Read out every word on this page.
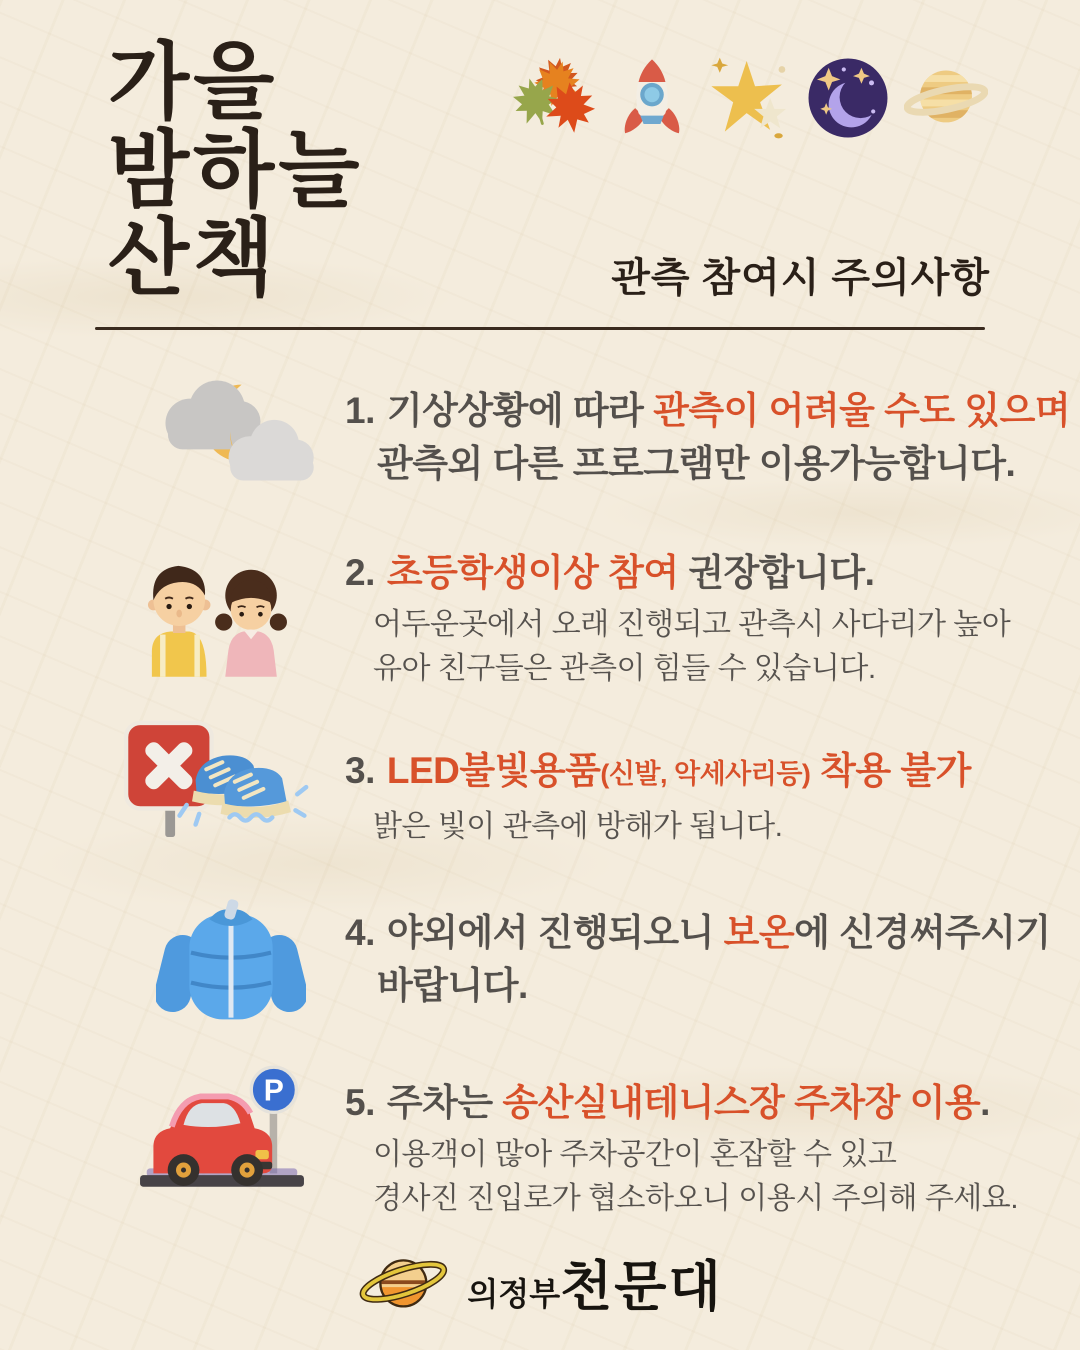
가을
밤하늘
산책	관측 참여시 주의사항
1. 기상상황에 따라 관측이 어려울 수도 있으며
관측외 다른 프로그램만 이용가능합니다.
2. 초등학생이상 참여 권장합니다.
어두운곳에서 오래 진행되고 관측시 사다리가 높아
유아 친구들은 관측이 힘들 수 있습니다.
3. LED불빛용품(신발, 악세사리등) 착용 불가
밝은 빛이 관측에 방해가 됩니다.
4. 야외에서 진행되오니 보온에 신경써주시기
바랍니다.
P 5. 주차는 송산실내테니스장 주차장 이용.
이용객이 많아 주차공간이 혼잡할 수 있고
경사진 진입로가 협소하오니 이용시 주의해 주세요.
의정부천문대
